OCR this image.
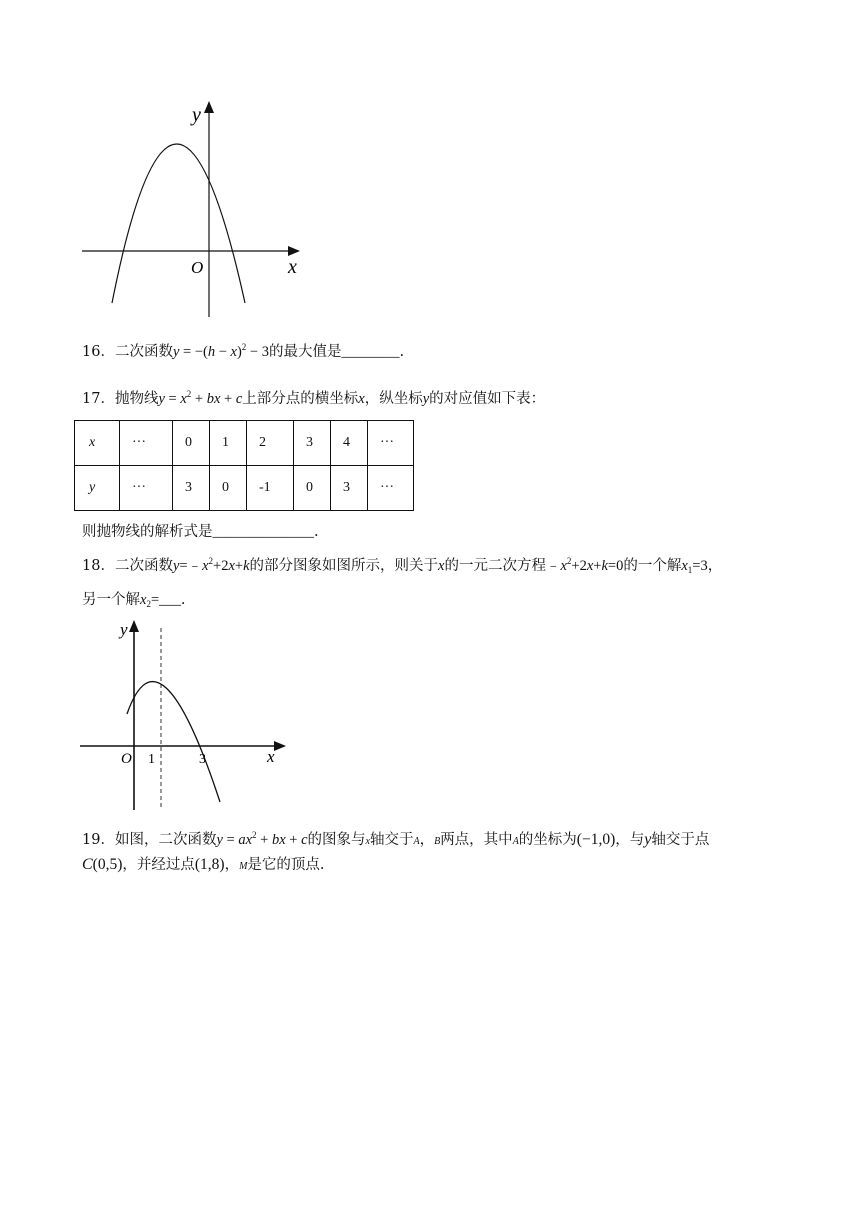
y
x
O
16．二次函数$y = -(h - x)^2 - 3$的最大值是________.
17．抛物线$y = x^2$ + bx + c上部分点的横坐标x，纵坐标y的对应值如下表：
x	···	0	1	2	3	4	···
y	···	3	0	-1	0	3	···
则抛物线的解析式是______________.
18．二次函数$y=﹣x^2+2x+k$的部分图象如图所示，则关于x的一元二次方程$﹣x^2+2x+k=0$的一个解$x_1=3$，
另一个解$x_2=\_\_\_$.
y
x
O 1	3
19．如图，二次函数$y = ax^2$ + bx + c的图象与x轴交于A，B两点，其中A的坐标为(−1,0)，与y轴交于点
C(0,5)，并经过点(1,8)，M是它的顶点.
